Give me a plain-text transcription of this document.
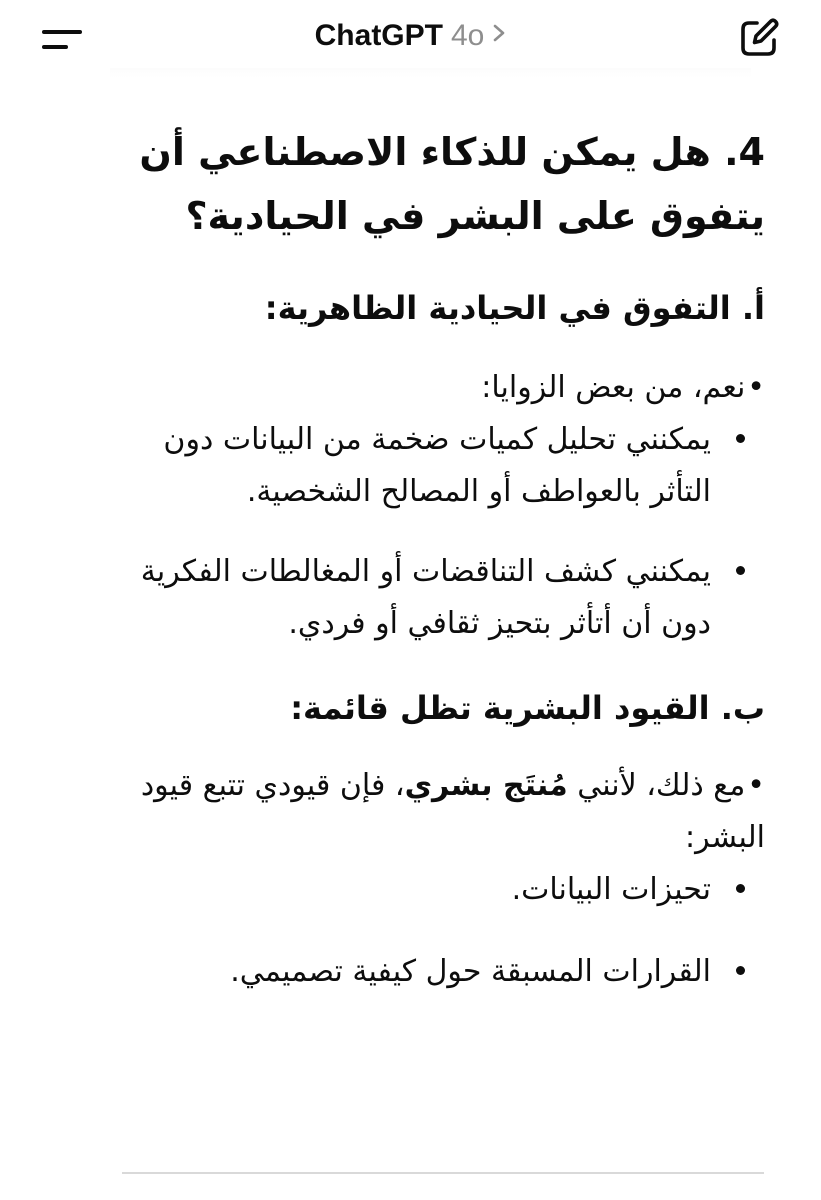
ChatGPT 4o
4. هل يمكن للذكاء الاصطناعي أن يتفوق على البشر في الحيادية؟
أ. التفوق في الحيادية الظاهرية:

•نعم، من بعض الزوايا:

يمكنني تحليل كميات ضخمة من البيانات دون التأثر بالعواطف أو المصالح الشخصية.
يمكنني كشف التناقضات أو المغالطات الفكرية دون أن أتأثر بتحيز ثقافي أو فردي.
ب. القيود البشرية تظل قائمة:

•مع ذلك، لأنني مُنتَج بشري، فإن قيودي تتبع قيود البشر:

تحيزات البيانات.
القرارات المسبقة حول كيفية تصميمي.
